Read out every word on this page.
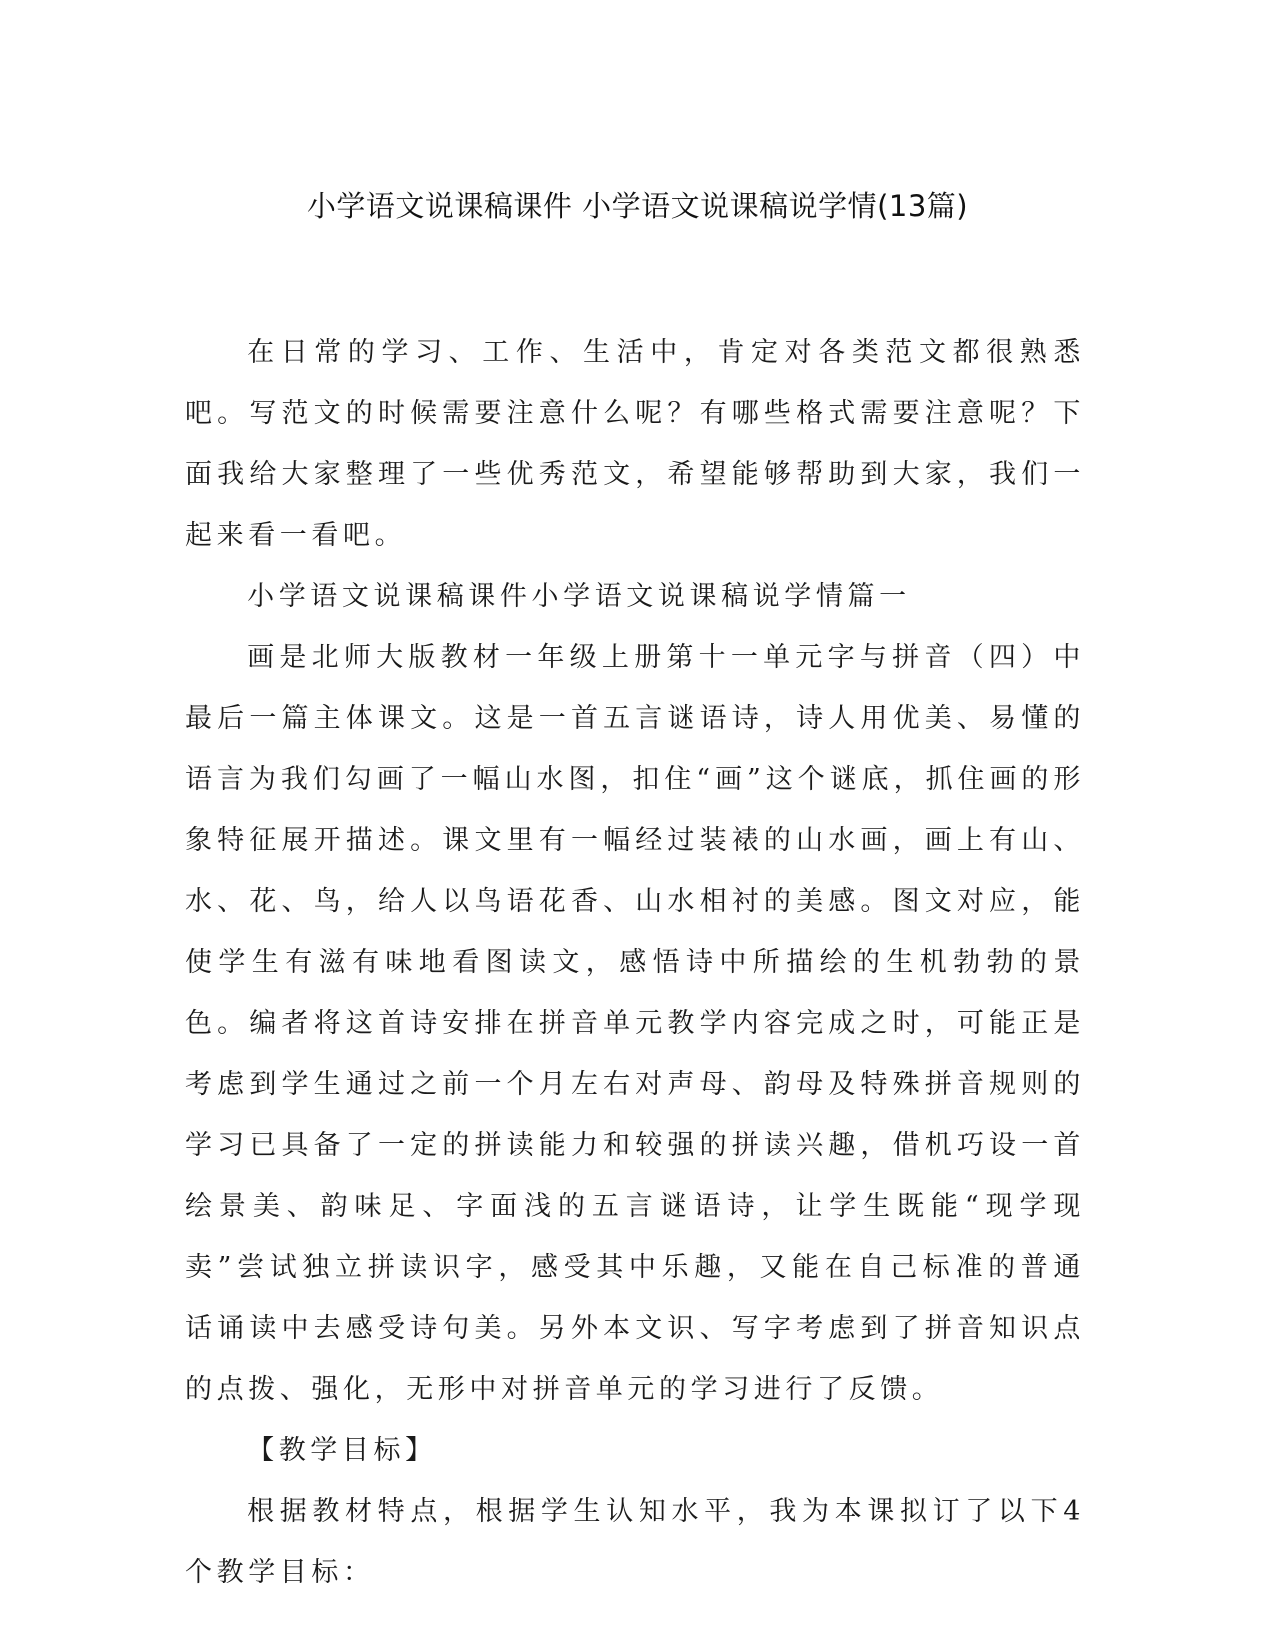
小学语文说课稿课件 小学语文说课稿说学情(13篇)

在日常的学习、工作、生活中，肯定对各类范文都很熟悉吧。写范文的时候需要注意什么呢？有哪些格式需要注意呢？下面我给大家整理了一些优秀范文，希望能够帮助到大家，我们一起来看一看吧。

小学语文说课稿课件小学语文说课稿说学情篇一

画是北师大版教材一年级上册第十一单元字与拼音（四）中最后一篇主体课文。这是一首五言谜语诗，诗人用优美、易懂的语言为我们勾画了一幅山水图，扣住“画”这个谜底，抓住画的形象特征展开描述。课文里有一幅经过装裱的山水画，画上有山、水、花、鸟，给人以鸟语花香、山水相衬的美感。图文对应，能使学生有滋有味地看图读文，感悟诗中所描绘的生机勃勃的景色。编者将这首诗安排在拼音单元教学内容完成之时，可能正是考虑到学生通过之前一个月左右对声母、韵母及特殊拼音规则的学习已具备了一定的拼读能力和较强的拼读兴趣，借机巧设一首绘景美、韵味足、字面浅的五言谜语诗，让学生既能“现学现卖”尝试独立拼读识字，感受其中乐趣，又能在自己标准的普通话诵读中去感受诗句美。另外本文识、写字考虑到了拼音知识点的点拨、强化，无形中对拼音单元的学习进行了反馈。

【教学目标】

根据教材特点，根据学生认知水平，我为本课拟订了以下4个教学目标：
